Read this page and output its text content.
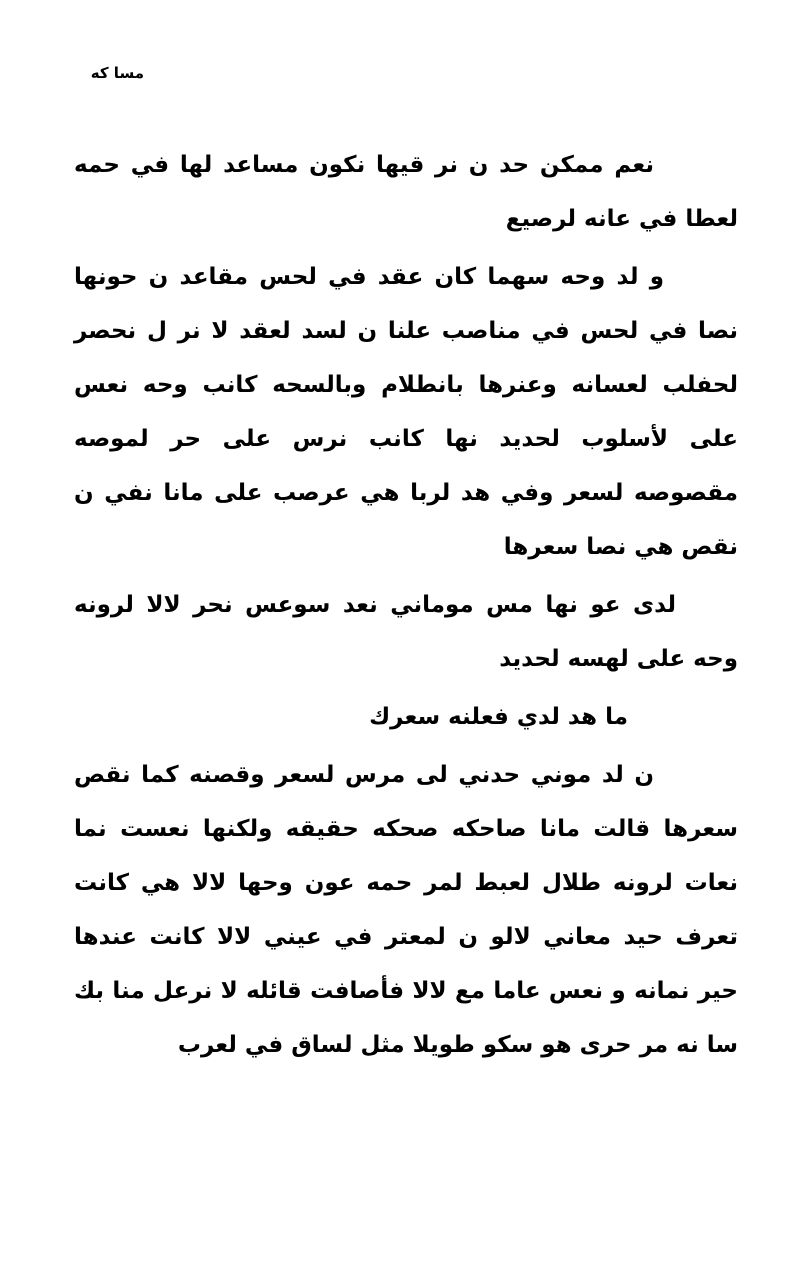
مسا كه

نعم ممكن حد ن نر قيها نكون مساعد لها في حمه لعطا في عانه لرصيع

و لد وحه سهما كان عقد في لحس مقاعد ن حونها نصا في لحس في مناصب علنا ن لسد لعقد لا نر ل نحصر لحفلب لعسانه وعنرها بانطلام وبالسحه كانب وحه نعس على لأسلوب لحديد نها كانب نرس على حر لموصه مقصوصه لسعر وفي هد لربا هي عرصب على مانا نفي ن نقص هي نصا سعرها

لدى عو نها مس موماني نعد سوعس نحر لالا لرونه وحه على لهسه لحديد

ما هد لدي فعلنه سعرك

ن لد موني حدني لى مرس لسعر وقصنه كما نقص سعرها قالت مانا صاحكه صحكه حقيقه ولكنها نعست نما نعات لرونه طلال لعبط لمر حمه عون وحها لالا هي كانت تعرف حيد معاني لالو ن لمعتر في عيني لالا كانت عندها حير نمانه و نعس عاما مع لالا فأصافت قائله لا نرعل منا بك سا نه مر حرى هو سكو طويلا مثل لساق في لعرب
